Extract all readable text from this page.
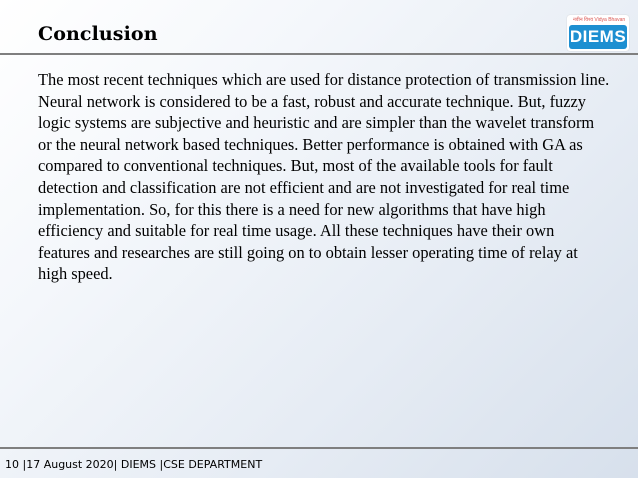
Conclusion
नवीन विश्व Vidya Bhavan
DIEMS

The most recent techniques which are used for distance protection of transmission line. Neural network is considered to be a fast, robust and accurate technique. But, fuzzy logic systems are subjective and heuristic and are simpler than the wavelet transform or the neural network based techniques. Better performance is obtained with GA as compared to conventional techniques. But, most of the available tools for fault detection and classification are not efficient and are not investigated for real time implementation. So, for this there is a need for new algorithms that have high efficiency and suitable for real time usage. All these techniques have their own features and researches are still going on to obtain lesser operating time of relay at high speed.

10 |17 August 2020| DIEMS |CSE DEPARTMENT
